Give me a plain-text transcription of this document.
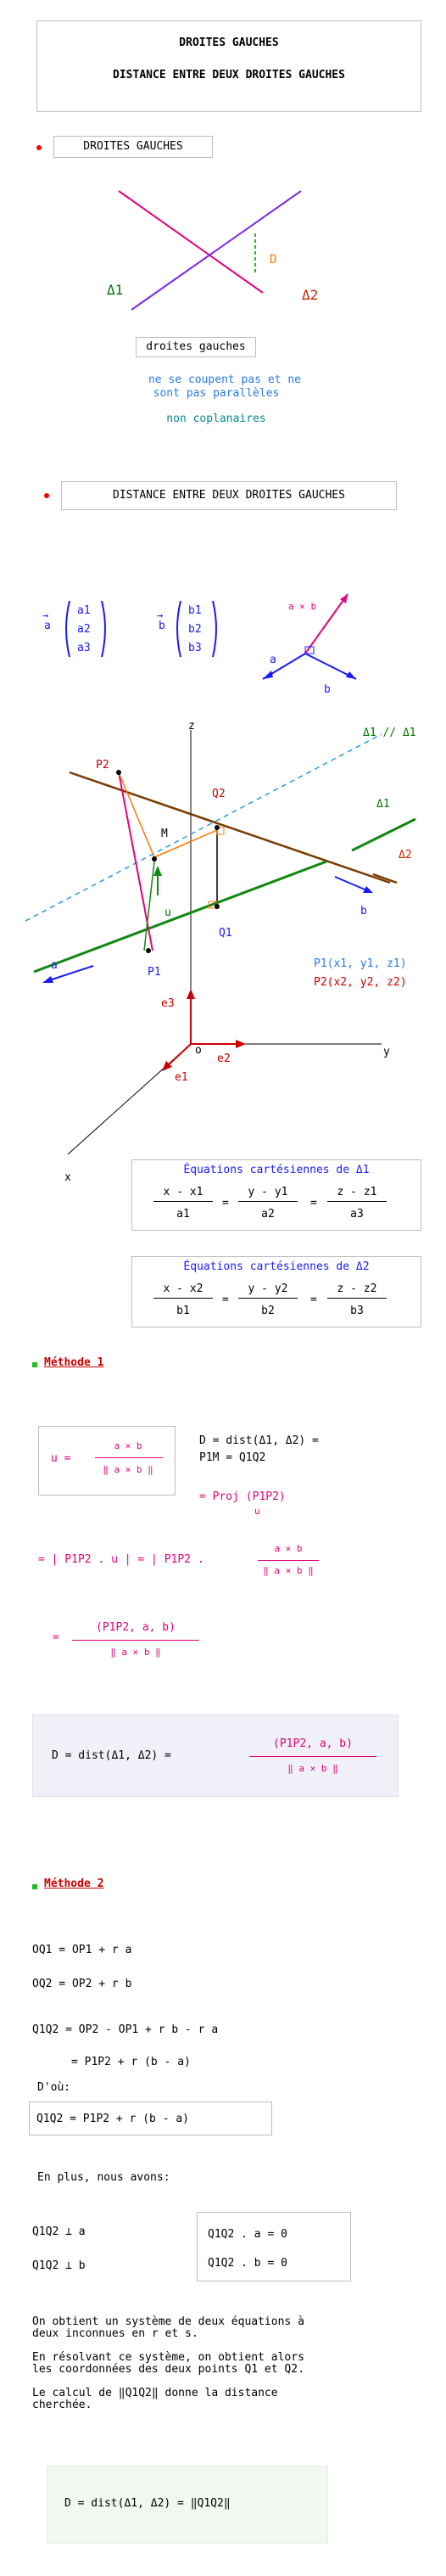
DROITES GAUCHES
DISTANCE ENTRE DEUX DROITES GAUCHES
DROITES GAUCHES
Δ1	Δ2
D
droites gauches
ne se coupent pas et ne
sont pas parallèles
non coplanaires
DISTANCE ENTRE DEUX DROITES GAUCHES
→
a
a1
a2
a3
→
b
b1
b2
b3
a × b
a
b
Δ1 // Δ1
z
y
x
o
P2
Q2
M
P1
Q1
u
a
b
e3
e2
e1
Δ1
Δ2
P1(x1, y1, z1)
P2(x2, y2, z2)
Équations cartésiennes de Δ1
x - x1
a1
=
y - y1
a2
=
z - z1
a3
Équations cartésiennes de Δ2
x - x2
b1
=
y - y2
b2
=
z - z2
b3
Méthode 1
u =
a × b
‖ a × b ‖
D = dist(Δ1, Δ2) =
P1M = Q1Q2
= Proj (P1P2)
u
= | P1P2 . u | = | P1P2 .
a × b
‖ a × b ‖
=
(P1P2, a, b)
‖ a × b ‖
D = dist(Δ1, Δ2) =
(P1P2, a, b)
‖ a × b ‖
Méthode 2
OQ1 = OP1 + r a
OQ2 = OP2 + r b
Q1Q2 = OP2 - OP1 + r b - r a
= P1P2 + r (b - a)
D'où:
Q1Q2 = P1P2 + r (b - a)
En plus, nous avons:
Q1Q2 ⊥ a
Q1Q2 ⊥ b
Q1Q2 . a = 0
Q1Q2 . b = 0
On obtient un système de deux équations à
deux inconnues en r et s.
En résolvant ce système, on obtient alors
les coordonnées des deux points Q1 et Q2.
Le calcul de ‖Q1Q2‖ donne la distance
cherchée.
D = dist(Δ1, Δ2) = ‖Q1Q2‖
